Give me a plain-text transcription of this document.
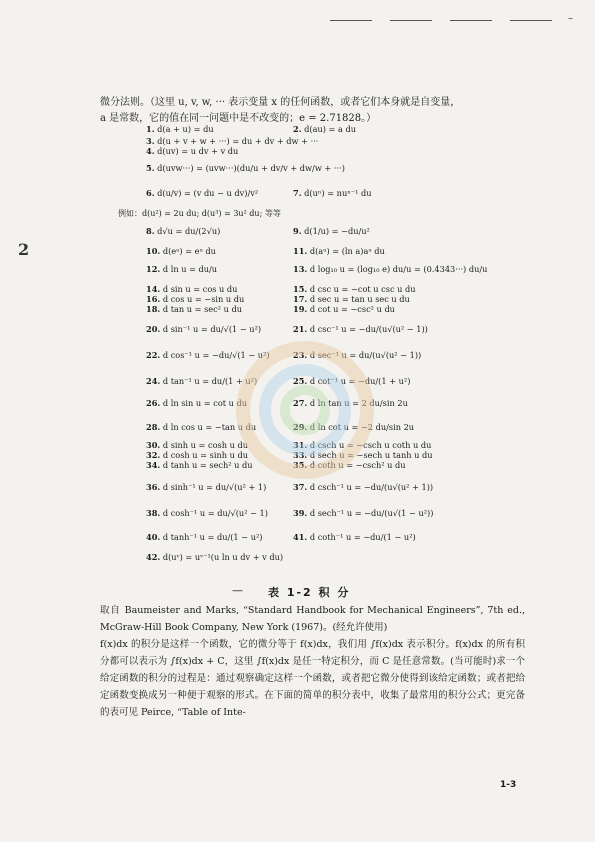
–
2

微分法则。（这里 u, v, w, ··· 表示变量 x 的任何函数，或者它们本身就是自变量，

a 是常数，它的值在同一问题中是不改变的；e = 2.71828。）

1. d(a + u) = du	2. d(au) = a du
3. d(u + v + w + ···) = du + dv + dw + ···
4. d(uv) = u dv + v du
5. d(uvw···) = (uvw···)(du/u + dv/v + dw/w + ···)
6. d(u/v) = (v du − u dv)/v²	7. d(uⁿ) = nuⁿ⁻¹ du
8. d√u = du/(2√u)	9. d(1/u) = −du/u²
10. d(eᵘ) = eᵘ du	11. d(aᵘ) = (ln a)aᵘ du
12. d ln u = du/u	13. d log₁₀ u = (log₁₀ e) du/u = (0.4343···) du/u
14. d sin u = cos u du	15. d csc u = −cot u csc u du
16. d cos u = −sin u du	17. d sec u = tan u sec u du
18. d tan u = sec² u du	19. d cot u = −csc² u du
20. d sin⁻¹ u = du/√(1 − u²)	21. d csc⁻¹ u = −du/(u√(u² − 1))
22. d cos⁻¹ u = −du/√(1 − u²)	23. d sec⁻¹ u = du/(u√(u² − 1))
24. d tan⁻¹ u = du/(1 + u²)	25. d cot⁻¹ u = −du/(1 + u²)
26. d ln sin u = cot u du	27. d ln tan u = 2 du/sin 2u
28. d ln cos u = −tan u du	29. d ln cot u = −2 du/sin 2u
30. d sinh u = cosh u du	31. d csch u = −csch u coth u du
32. d cosh u = sinh u du	33. d sech u = −sech u tanh u du
34. d tanh u = sech² u du	35. d coth u = −csch² u du
36. d sinh⁻¹ u = du/√(u² + 1)	37. d csch⁻¹ u = −du/(u√(u² + 1))
38. d cosh⁻¹ u = du/√(u² − 1)	39. d sech⁻¹ u = −du/(u√(1 − u²))
40. d tanh⁻¹ u = du/(1 − u²)	41. d coth⁻¹ u = −du/(1 − u²)
42. d(uᵛ) = uᵛ⁻¹(u ln u dv + v du)
例如：d(u²) = 2u du; d(u³) = 3u² du; 等等
— 表 1-2 积 分

取自 Baumeister and Marks, “Standard Handbook for Mechanical Engineers”, 7th ed., McGraw-Hill Book Company, New York (1967)。(经允许使用)

f(x)dx 的积分是这样一个函数，它的微分等于 f(x)dx，我们用 ∫f(x)dx 表示积分。f(x)dx 的所有积分都可以表示为 ∫f(x)dx + C，这里 ∫f(x)dx 是任一特定积分，而 C 是任意常数。(当可能时)求一个给定函数的积分的过程是：通过观察确定这样一个函数，或者把它微分使得到该给定函数；或者把给定函数变换成另一种便于观察的形式。在下面的简单的积分表中，收集了最常用的积分公式；更完备的表可见 Peirce, “Table of Inte-

1-3
